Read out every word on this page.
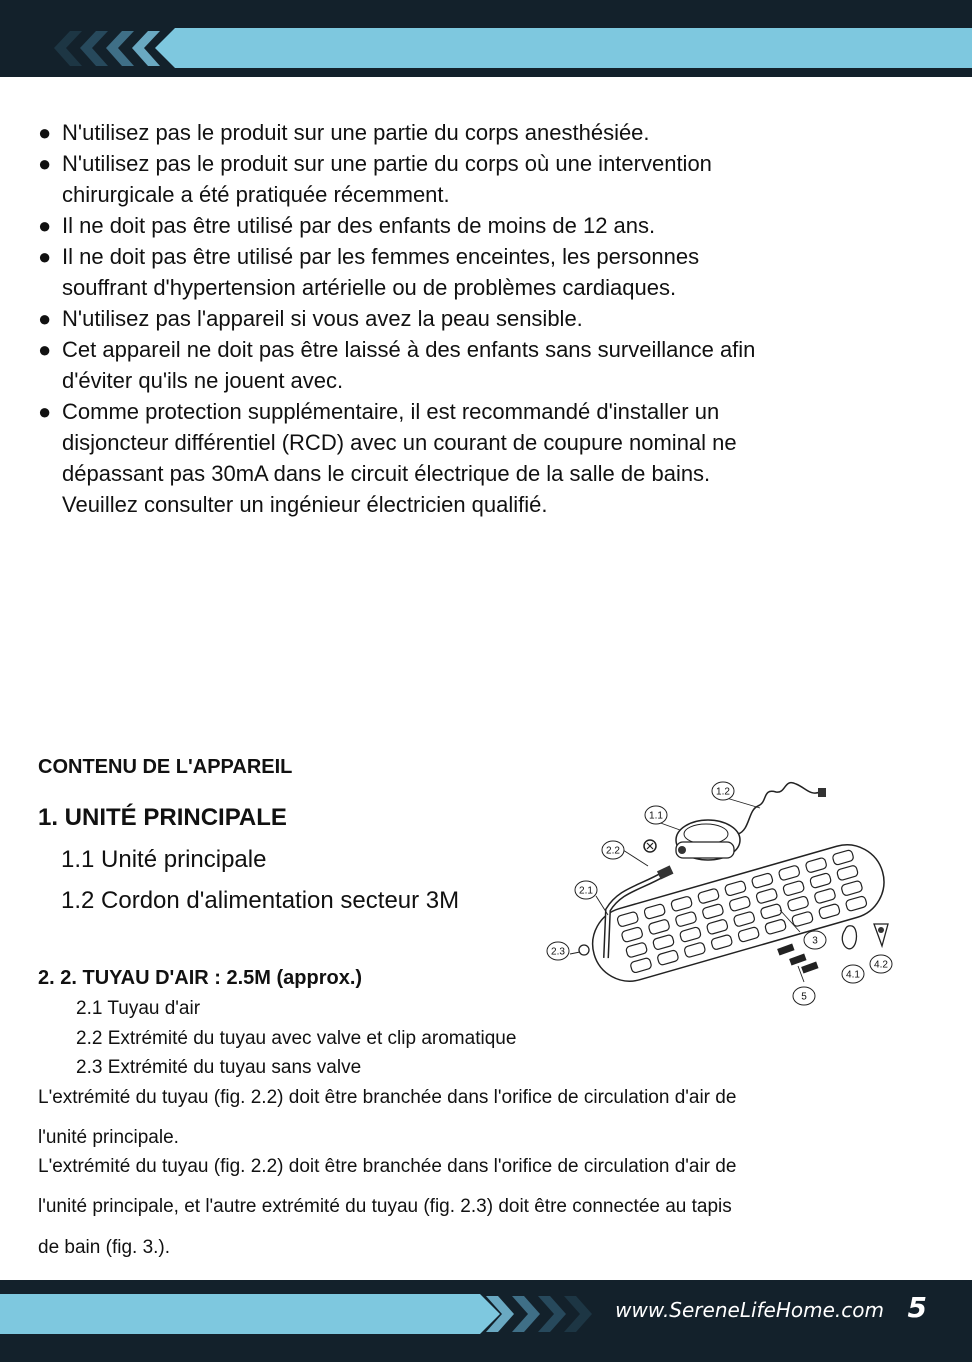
● N'utilisez pas le produit sur une partie du corps anesthésiée.
● N'utilisez pas le produit sur une partie du corps où une intervention
chirurgicale a été pratiquée récemment.
● Il ne doit pas être utilisé par des enfants de moins de 12 ans.
● Il ne doit pas être utilisé par les femmes enceintes, les personnes
souffrant d'hypertension artérielle ou de problèmes cardiaques.
● N'utilisez pas l'appareil si vous avez la peau sensible.
● Cet appareil ne doit pas être laissé à des enfants sans surveillance afin
d'éviter qu'ils ne jouent avec.
● Comme protection supplémentaire, il est recommandé d'installer un
disjoncteur différentiel (RCD) avec un courant de coupure nominal ne
dépassant pas 30mA dans le circuit électrique de la salle de bains.
Veuillez consulter un ingénieur électricien qualifié.
CONTENU DE L'APPAREIL
1. UNITÉ PRINCIPALE
1.1 Unité principale
1.2 Cordon d'alimentation secteur 3M
2. 2. TUYAU D'AIR : 2.5M (approx.)
2.1 Tuyau d'air
2.2 Extrémité du tuyau avec valve et clip aromatique
2.3 Extrémité du tuyau sans valve
L'extrémité du tuyau (fig. 2.2) doit être branchée dans l'orifice de circulation d'air de
l'unité principale.
L'extrémité du tuyau (fig. 2.2) doit être branchée dans l'orifice de circulation d'air de
l'unité principale, et l'autre extrémité du tuyau (fig. 2.3) doit être connectée au tapis
de bain (fig. 3.).
1.1
1.2
2.2
2.1
2.3
3
4.1
4.2
5
www.SereneLifeHome.com 5
